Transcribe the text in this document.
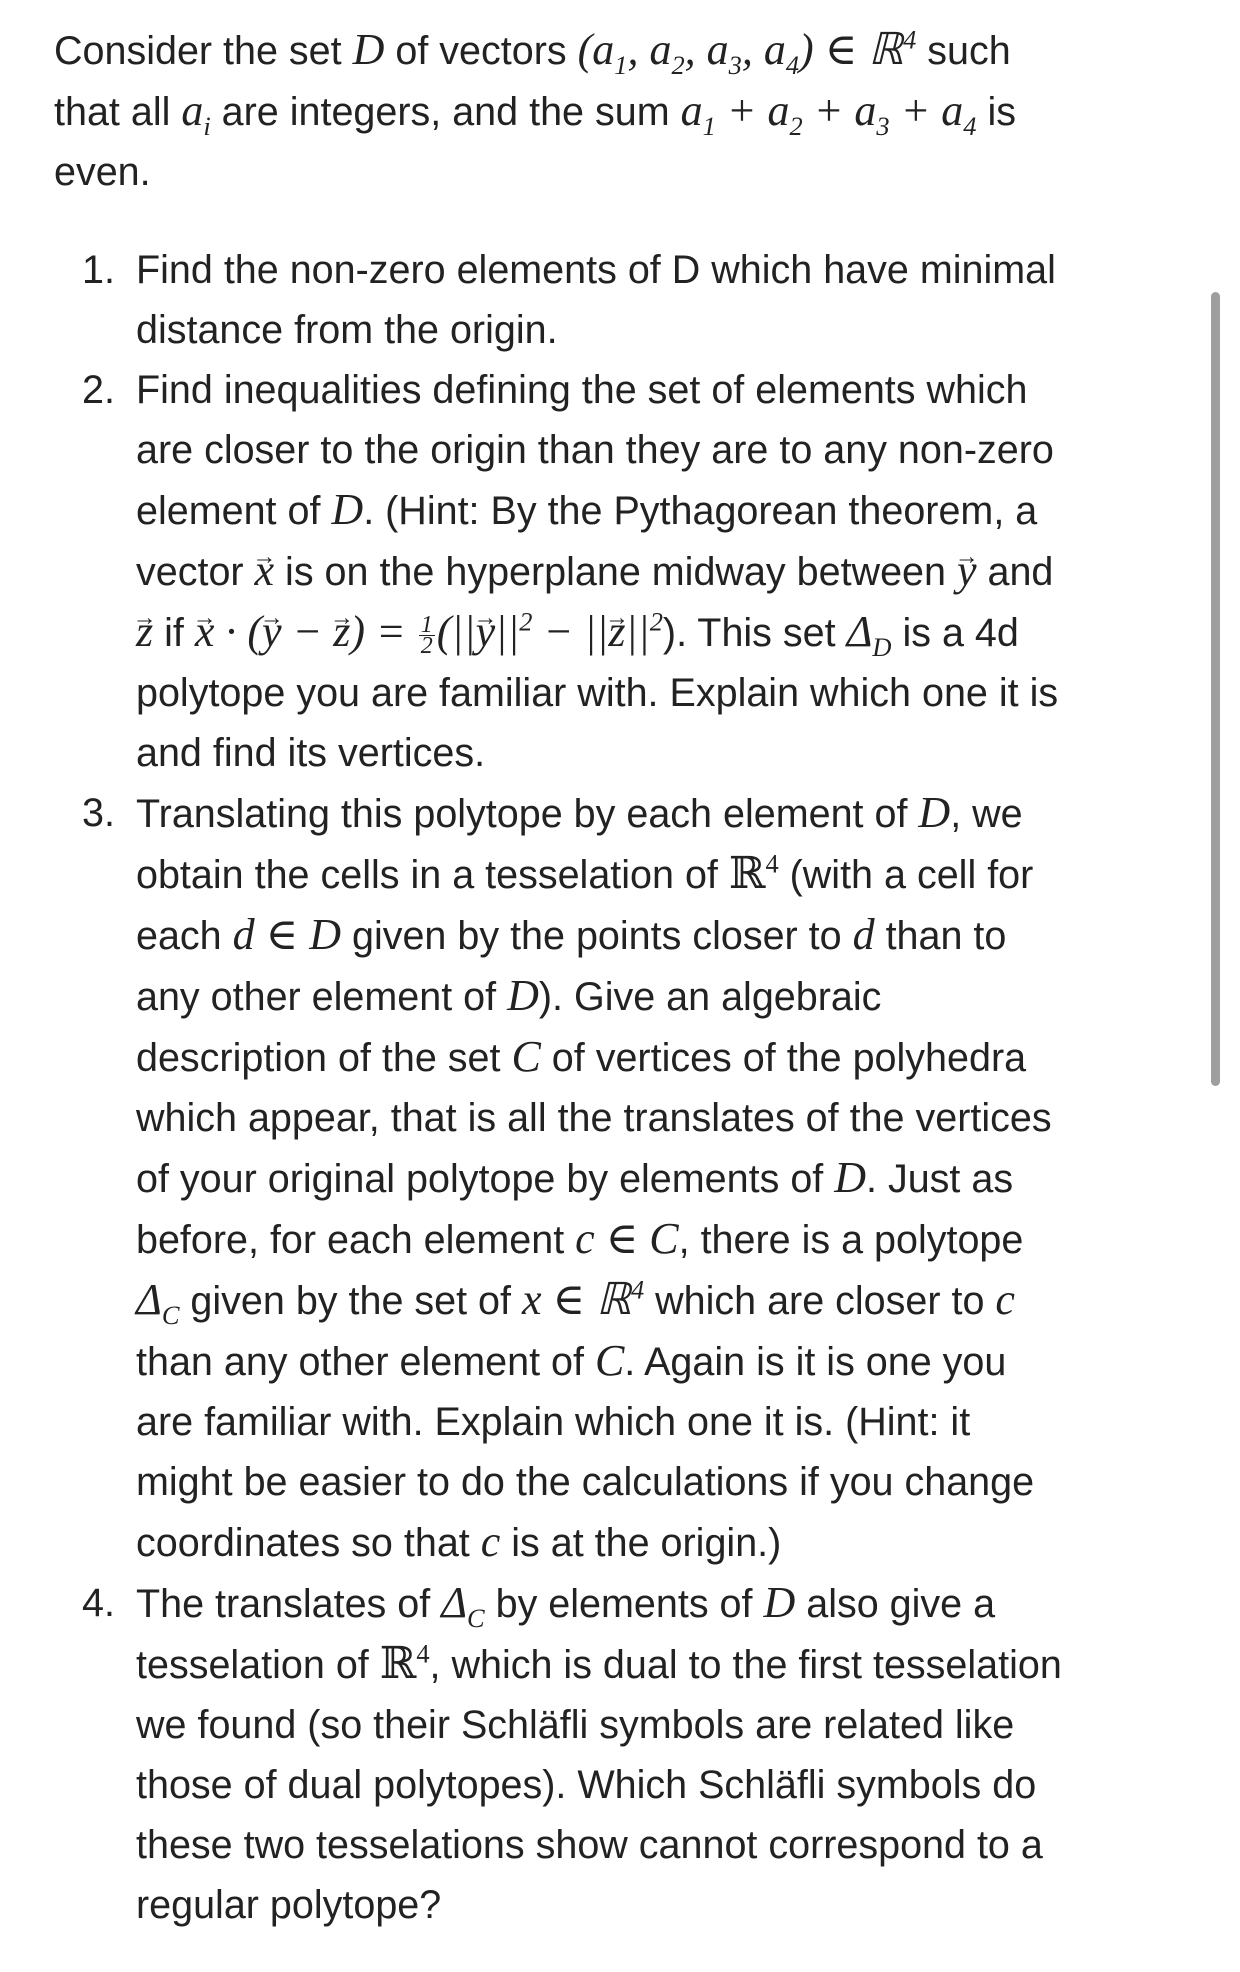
Consider the set D of vectors ($a_1$, $a_2$, $a_3$, $a_4$) ∈ ℝ$^4$ such that all $a_i$ are integers, and the sum $a_1 + a_2 + a_3 + a_4$ is even.

1. Find the non-zero elements of D which have minimal distance from the origin.
2. Find inequalities defining the set of elements which are closer to the origin than they are to any non-zero element of D. (Hint: By the Pythagorean theorem, a vector → x is on the hyperplane midway between → y and → z if → x · (→ y − → $z) = \frac{1}{2}$ (||→ $y||^2$ − ||→ $z||^2$). This set $\Delta_D$ is a 4d polytope you are familiar with. Explain which one it is and find its vertices.
3. Translating this polytope by each element of D, we obtain the cells in a tesselation of ℝ$^4$ (with a cell for each d ∈ D given by the points closer to d than to any other element of D). Give an algebraic description of the set C of vertices of the polyhedra which appear, that is all the translates of the vertices of your original polytope by elements of D. Just as before, for each element c ∈ C, there is a polytope $\Delta_C$ given by the set of x ∈ ℝ$^4$ which are closer to c than any other element of C. Again is it is one you are familiar with. Explain which one it is. (Hint: it might be easier to do the calculations if you change coordinates so that c is at the origin.)
4. The translates of $\Delta_C$ by elements of D also give a tesselation of ℝ$^4$, which is dual to the first tesselation we found (so their Schläfli symbols are related like those of dual polytopes). Which Schläfli symbols do these two tesselations show cannot correspond to a regular polytope?
